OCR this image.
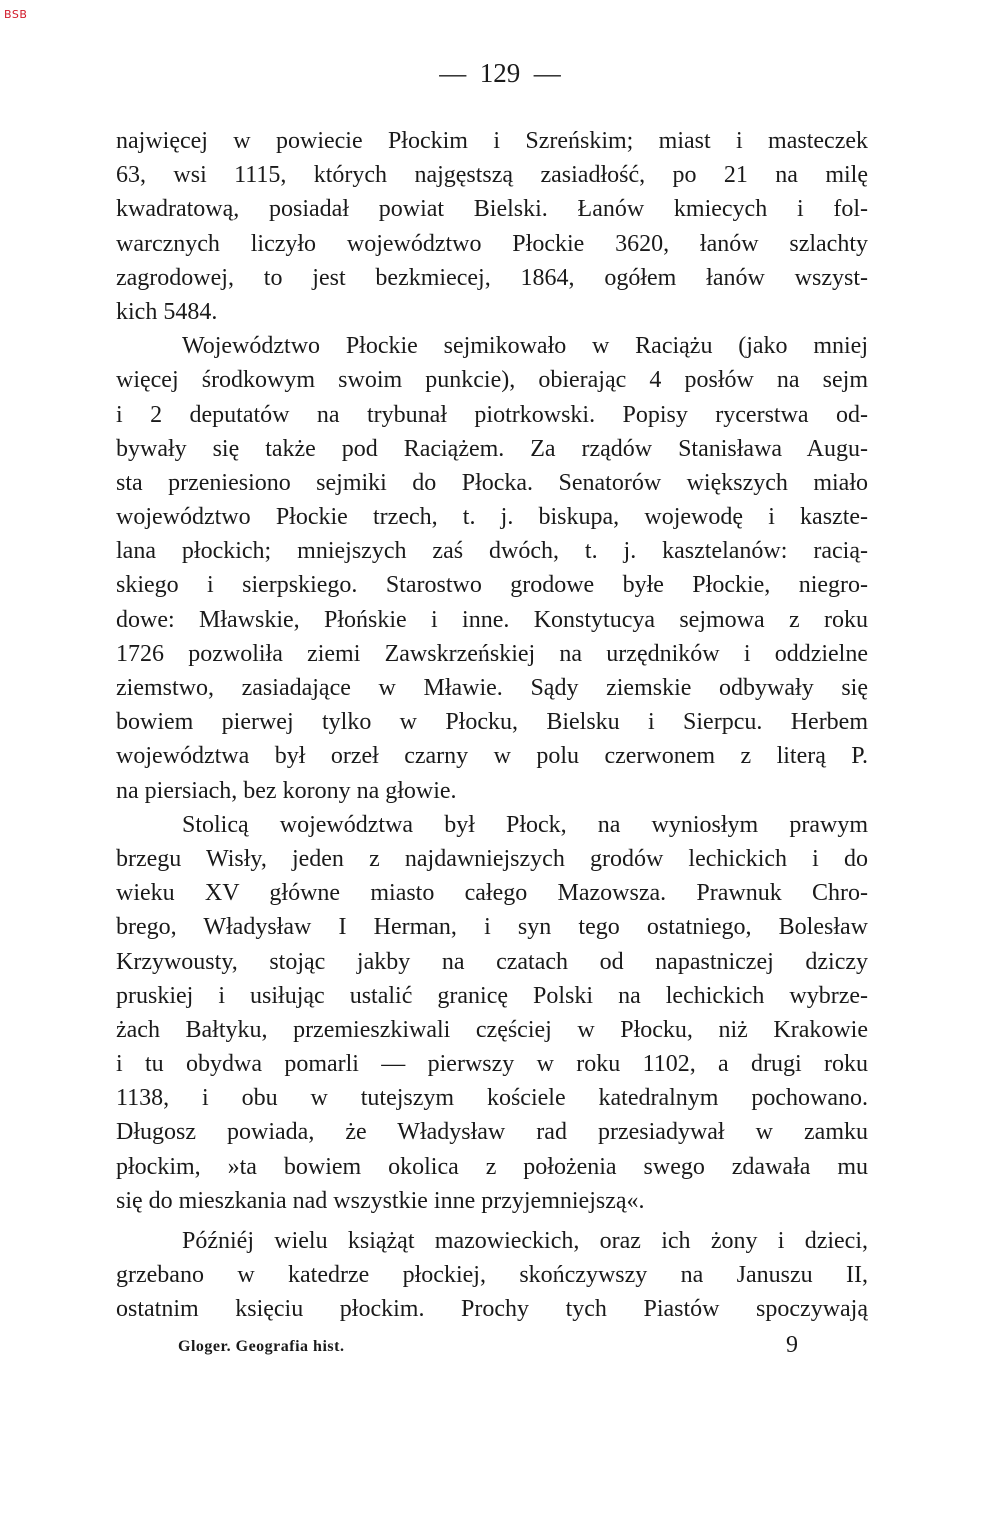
BSB
—  129  —
najwięcej w powiecie Płockim i Szreńskim; miast i masteczek
63, wsi 1115, których najgęstszą zasiadłość, po 21 na milę
kwadratową, posiadał powiat Bielski. Łanów kmiecych i fol-
warcznych liczyło województwo Płockie 3620, łanów szlachty
zagrodowej, to jest bezkmiecej, 1864, ogółem łanów wszyst-
kich 5484.
Województwo Płockie sejmikowało w Raciążu (jako mniej
więcej środkowym swoim punkcie), obierając 4 posłów na sejm
i 2 deputatów na trybunał piotrkowski. Popisy rycerstwa od-
bywały się także pod Raciążem. Za rządów Stanisława Augu-
sta przeniesiono sejmiki do Płocka. Senatorów większych miało
województwo Płockie trzech, t. j. biskupa, wojewodę i kaszte-
lana płockich; mniejszych zaś dwóch, t. j. kasztelanów: racią-
skiego i sierpskiego. Starostwo grodowe byłe Płockie, niegro-
dowe: Mławskie, Płońskie i inne. Konstytucya sejmowa z roku
1726 pozwoliła ziemi Zawskrzeńskiej na urzędników i oddzielne
ziemstwo, zasiadające w Mławie. Sądy ziemskie odbywały się
bowiem pierwej tylko w Płocku, Bielsku i Sierpcu. Herbem
województwa był orzeł czarny w polu czerwonem z literą P.
na piersiach, bez korony na głowie.
Stolicą województwa był Płock, na wyniosłym prawym
brzegu Wisły, jeden z najdawniejszych grodów lechickich i do
wieku XV główne miasto całego Mazowsza. Prawnuk Chro-
brego, Władysław I Herman, i syn tego ostatniego, Bolesław
Krzywousty, stojąc jakby na czatach od napastniczej dziczy
pruskiej i usiłując ustalić granicę Polski na lechickich wybrze-
żach Bałtyku, przemieszkiwali częściej w Płocku, niż Krakowie
i tu obydwa pomarli — pierwszy w roku 1102, a drugi roku
1138, i obu w tutejszym kościele katedralnym pochowano.
Długosz powiada, że Władysław rad przesiadywał w zamku
płockim, »ta bowiem okolica z położenia swego zdawała mu
się do mieszkania nad wszystkie inne przyjemniejszą«.
Późniéj wielu książąt mazowieckich, oraz ich żony i dzieci,
grzebano w katedrze płockiej, skończywszy na Januszu II,
ostatnim księciu płockim. Prochy tych Piastów spoczywają
Gloger. Geografia hist.	9
